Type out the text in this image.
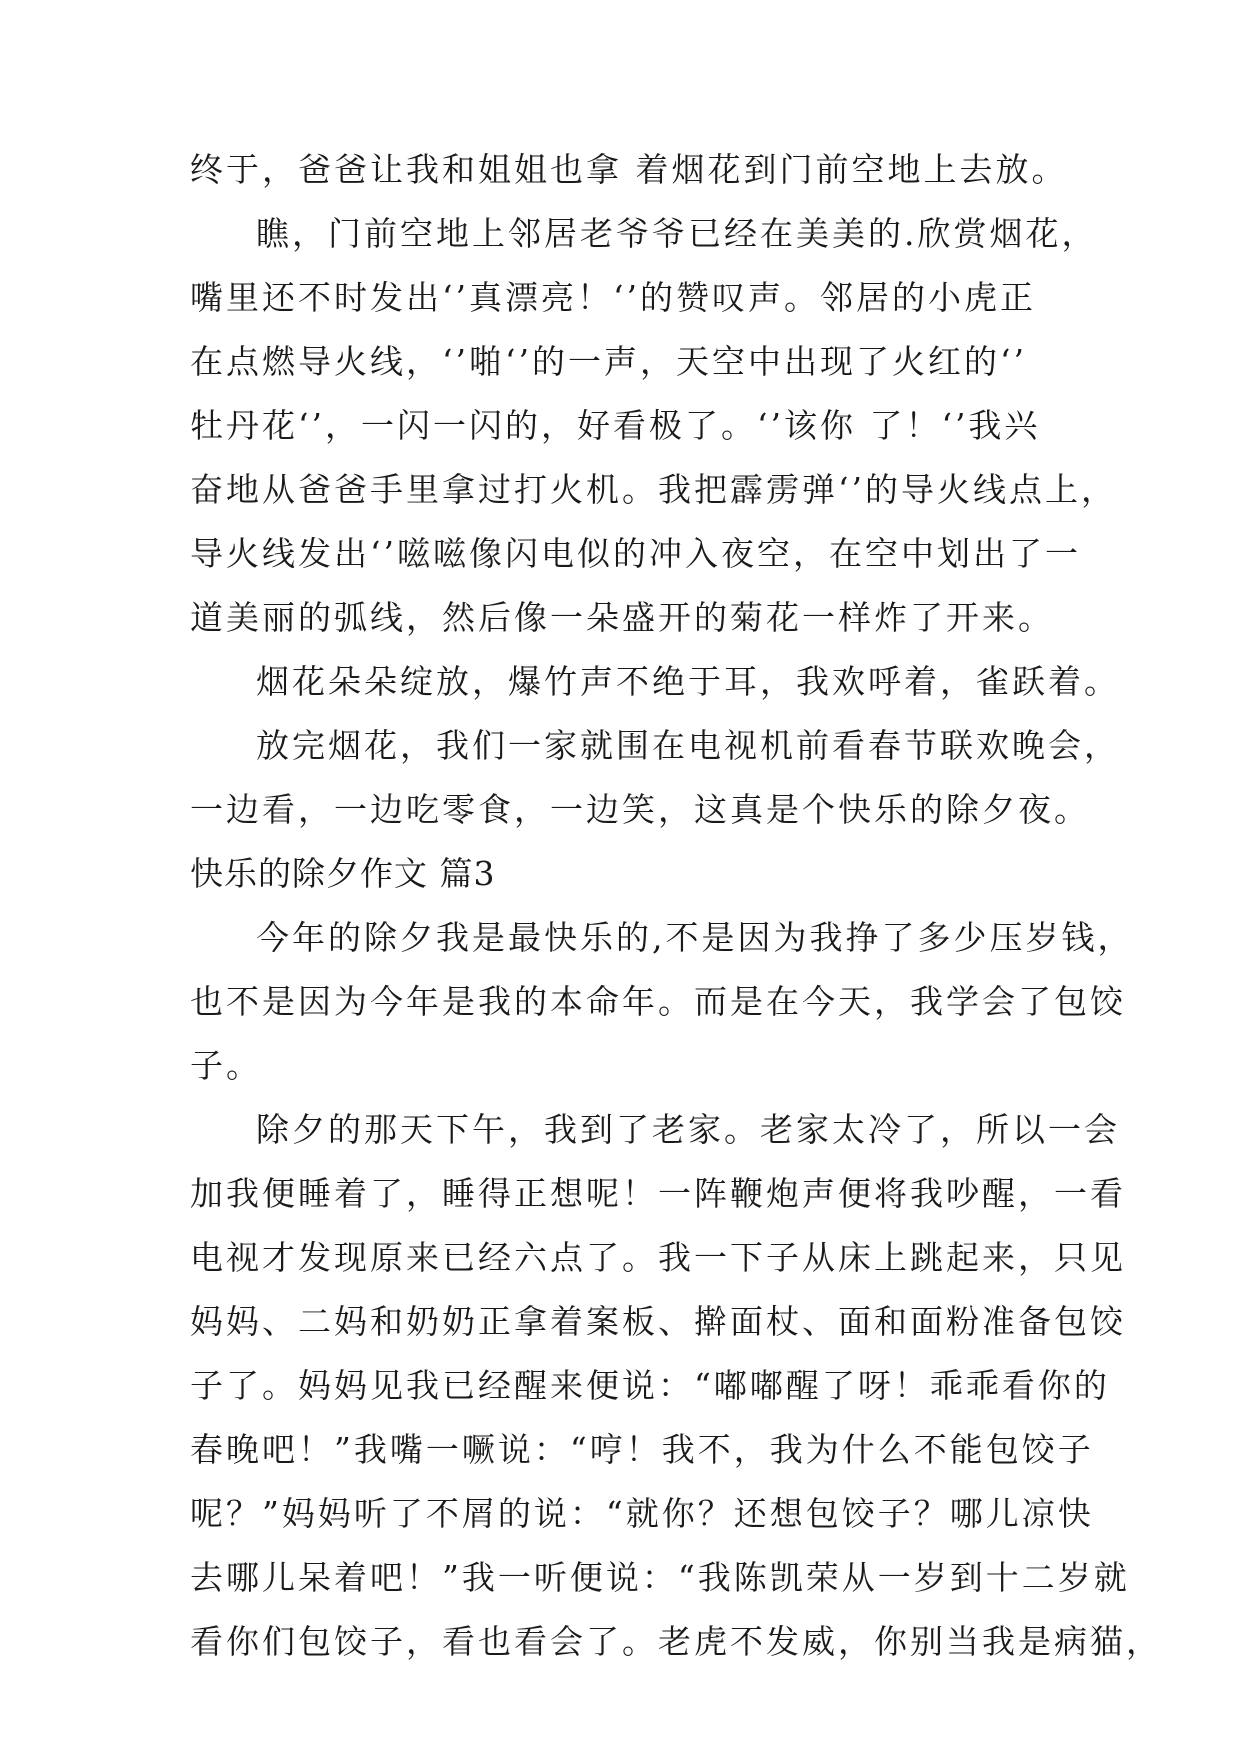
终于，爸爸让我和姐姐也拿 着烟花到门前空地上去放。
瞧，门前空地上邻居老爷爷已经在美美的.欣赏烟花，
嘴里还不时发出‘’真漂亮！‘’的赞叹声。邻居的小虎正
在点燃导火线，‘’啪‘’的一声，天空中出现了火红的‘’
牡丹花‘’，一闪一闪的，好看极了。‘’该你 了！‘’我兴
奋地从爸爸手里拿过打火机。我把霹雳弹‘’的导火线点上，
导火线发出‘’嗞嗞像闪电似的冲入夜空，在空中划出了一
道美丽的弧线，然后像一朵盛开的菊花一样炸了开来。
烟花朵朵绽放，爆竹声不绝于耳，我欢呼着，雀跃着。
放完烟花，我们一家就围在电视机前看春节联欢晚会，
一边看，一边吃零食，一边笑，这真是个快乐的除夕夜。
快乐的除夕作文 篇3
今年的除夕我是最快乐的,不是因为我挣了多少压岁钱，
也不是因为今年是我的本命年。而是在今天，我学会了包饺
子。
除夕的那天下午，我到了老家。老家太冷了，所以一会
加我便睡着了，睡得正想呢！一阵鞭炮声便将我吵醒，一看
电视才发现原来已经六点了。我一下子从床上跳起来，只见
妈妈、二妈和奶奶正拿着案板、擀面杖、面和面粉准备包饺
子了。妈妈见我已经醒来便说：“嘟嘟醒了呀！乖乖看你的
春晚吧！”我嘴一噘说：“哼！我不，我为什么不能包饺子
呢？”妈妈听了不屑的说：“就你？还想包饺子？哪儿凉快
去哪儿呆着吧！”我一听便说：“我陈凯荣从一岁到十二岁就
看你们包饺子，看也看会了。老虎不发威，你别当我是病猫，
